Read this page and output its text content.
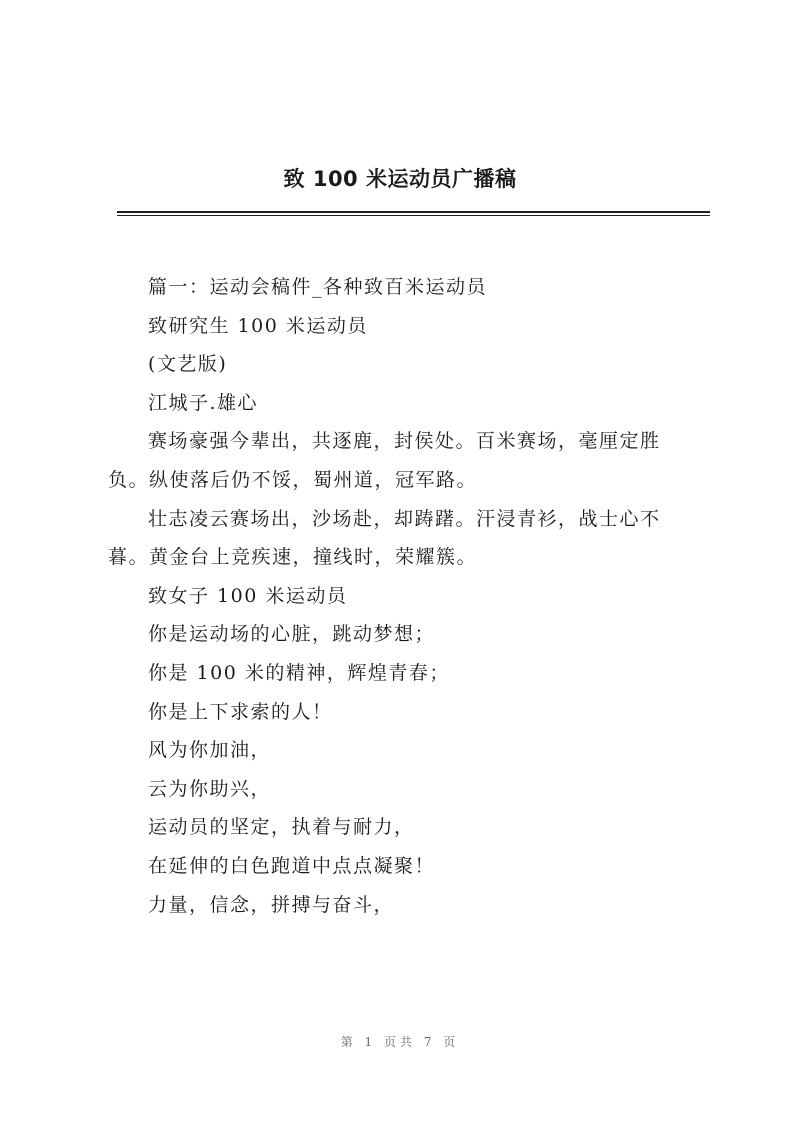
致 100 米运动员广播稿

篇一：运动会稿件_各种致百米运动员

致研究生 100 米运动员

(文艺版)

江城子.雄心

赛场豪强今辈出，共逐鹿，封侯处。百米赛场，毫厘定胜负。纵使落后仍不馁，蜀州道，冠军路。

壮志凌云赛场出，沙场赴，却踌躇。汗浸青衫，战士心不暮。黄金台上竞疾速，撞线时，荣耀簇。

致女子 100 米运动员

你是运动场的心脏，跳动梦想；

你是 100 米的精神，辉煌青春；

你是上下求索的人！

风为你加油，

云为你助兴，

运动员的坚定，执着与耐力，

在延伸的白色跑道中点点凝聚！

力量，信念，拼搏与奋斗，

第 1 页共 7 页
